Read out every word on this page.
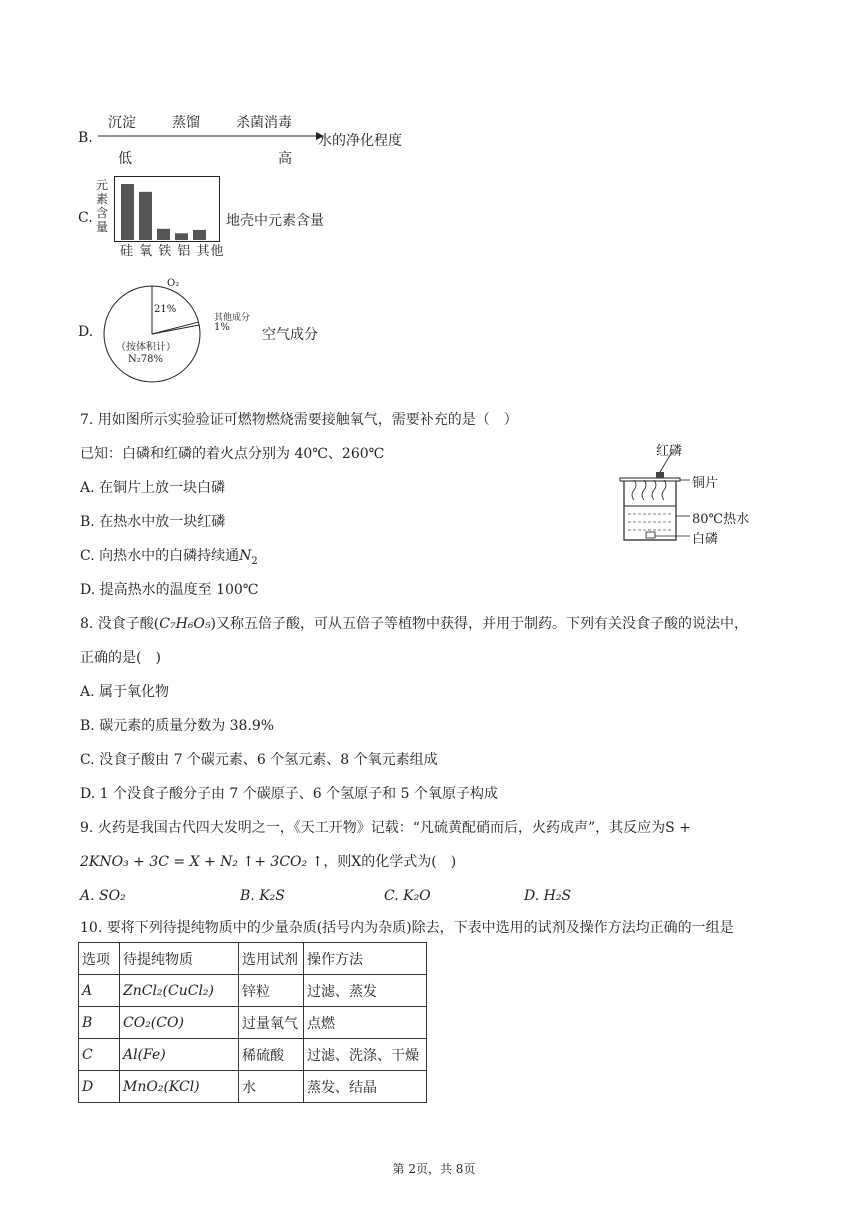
B.
沉淀	蒸馏	杀菌消毒
水的净化程度
低	高
C.
元
素
含
量
硅 氧 铁 铝 其他
地壳中元素含量
D.
O₂
21%
其他成分
1%
（按体积计）
N₂78%
空气成分
7. 用如图所示实验验证可燃物燃烧需要接触氧气，需要补充的是（　）
已知：白磷和红磷的着火点分别为 40℃、260℃
A. 在铜片上放一块白磷
B. 在热水中放一块红磷
C. 向热水中的白磷持续通$N_2$
D. 提高热水的温度至 100℃
红磷
铜片
80℃热水
白磷
8. 没食子酸(C₇H₆O₅)又称五倍子酸，可从五倍子等植物中获得，并用于制药。下列有关没食子酸的说法中，
正确的是(　)
A. 属于氧化物
B. 碳元素的质量分数为 38.9%
C. 没食子酸由 7 个碳元素、6 个氢元素、8 个氧元素组成
D. 1 个没食子酸分子由 7 个碳原子、6 个氢原子和 5 个氧原子构成
9. 火药是我国古代四大发明之一，《天工开物》记载：“凡硫黄配硝而后，火药成声”，其反应为S +
2KNO₃ + 3C = X + N₂ ↑+ 3CO₂ ↑，则X的化学式为(　)
A. SO₂	B. K₂S	C. K₂O	D. H₂S
10. 要将下列待提纯物质中的少量杂质(括号内为杂质)除去，下表中选用的试剂及操作方法均正确的一组是
选项	待提纯物质	选用试剂	操作方法
A	ZnCl₂(CuCl₂)	锌粒	过滤、蒸发
B	CO₂(CO)	过量氧气	点燃
C	Al(Fe)	稀硫酸	过滤、洗涤、干燥
D	MnO₂(KCl)	水	蒸发、结晶
第 2页，共 8页
